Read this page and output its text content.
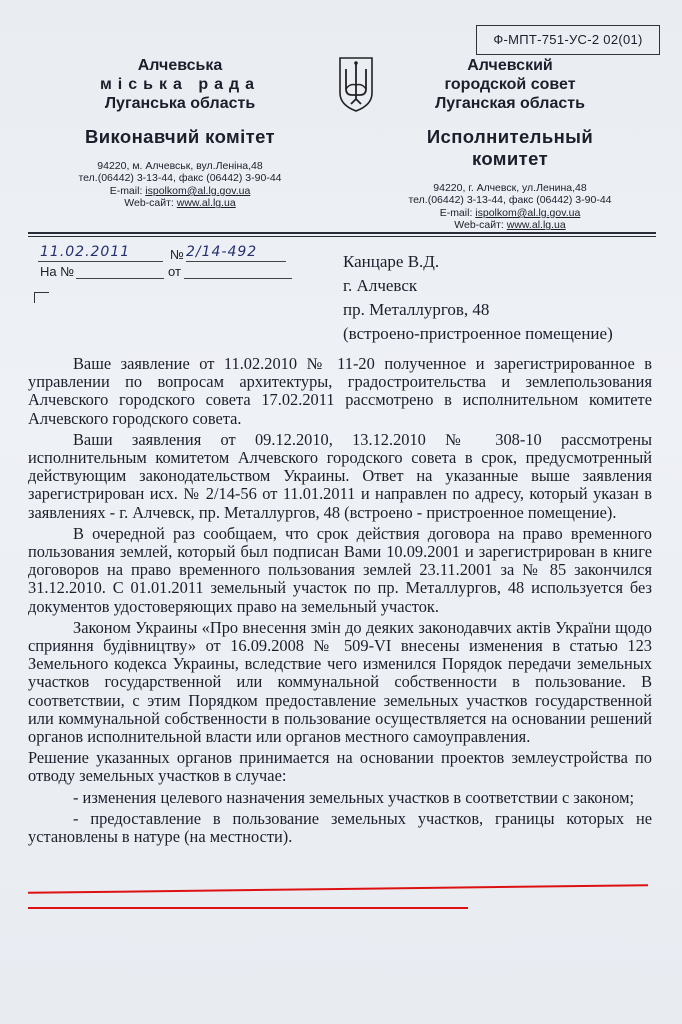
Ф-МПТ-751-УС-2 02(01)
Алчевська
міська рада
Луганська область
Виконавчий комітет
94220, м. Алчевськ, вул.Леніна,48
тел.(06442) 3-13-44, факс (06442) 3-90-44
E-mail: ispolkom@al.lg.gov.ua
Web-сайт: www.al.lg.ua
Алчевский
городской совет
Луганская область
Исполнительный комитет
94220, г. Алчевск, ул.Ленина,48
тел.(06442) 3-13-44, факс (06442) 3-90-44
E-mail: ispolkom@al.lg.gov.ua
Web-сайт: www.al.lg.ua
11.02.2011	№ 2/14-492
На №	от
Канцаре В.Д.
г. Алчевск
пр. Металлургов, 48
(встроено-пристроенное помещение)

Ваше заявление от 11.02.2010 № 11-20 полученное и зарегистрированное в управлении по вопросам архитектуры, градостроительства и землепользования Алчевского городского совета 17.02.2011 рассмотрено в исполнительном комитете Алчевского городского совета.

Ваши заявления от 09.12.2010, 13.12.2010 № 308-10 рассмотрены исполнительным комитетом Алчевского городского совета в срок, предусмотренный действующим законодательством Украины. Ответ на указанные выше заявления зарегистрирован исх. № 2/14-56 от 11.01.2011 и направлен по адресу, который указан в заявлениях - г. Алчевск, пр. Металлургов, 48 (встроено - пристроенное помещение).

В очередной раз сообщаем, что срок действия договора на право временного пользования землей, который был подписан Вами 10.09.2001 и зарегистрирован в книге договоров на право временного пользования землей 23.11.2001 за № 85 закончился 31.12.2010. С 01.01.2011 земельный участок по пр. Металлургов, 48 используется без документов удостоверяющих право на земельный участок.

Законом Украины «Про внесення змін до деяких законодавчих актів України щодо сприяння будівництву» от 16.09.2008 № 509-VI внесены изменения в статью 123 Земельного кодекса Украины, вследствие чего изменился Порядок передачи земельных участков государственной или коммунальной собственности в пользование. В соответствии, с этим Порядком предоставление земельных участков государственной или коммунальной собственности в пользование осуществляется на основании решений органов исполнительной власти или органов местного самоуправления.

Решение указанных органов принимается на основании проектов землеустройства по отводу земельных участков в случае:

- изменения целевого назначения земельных участков в соответствии с законом;

- предоставление в пользование земельных участков, границы которых не установлены в натуре (на местности).
